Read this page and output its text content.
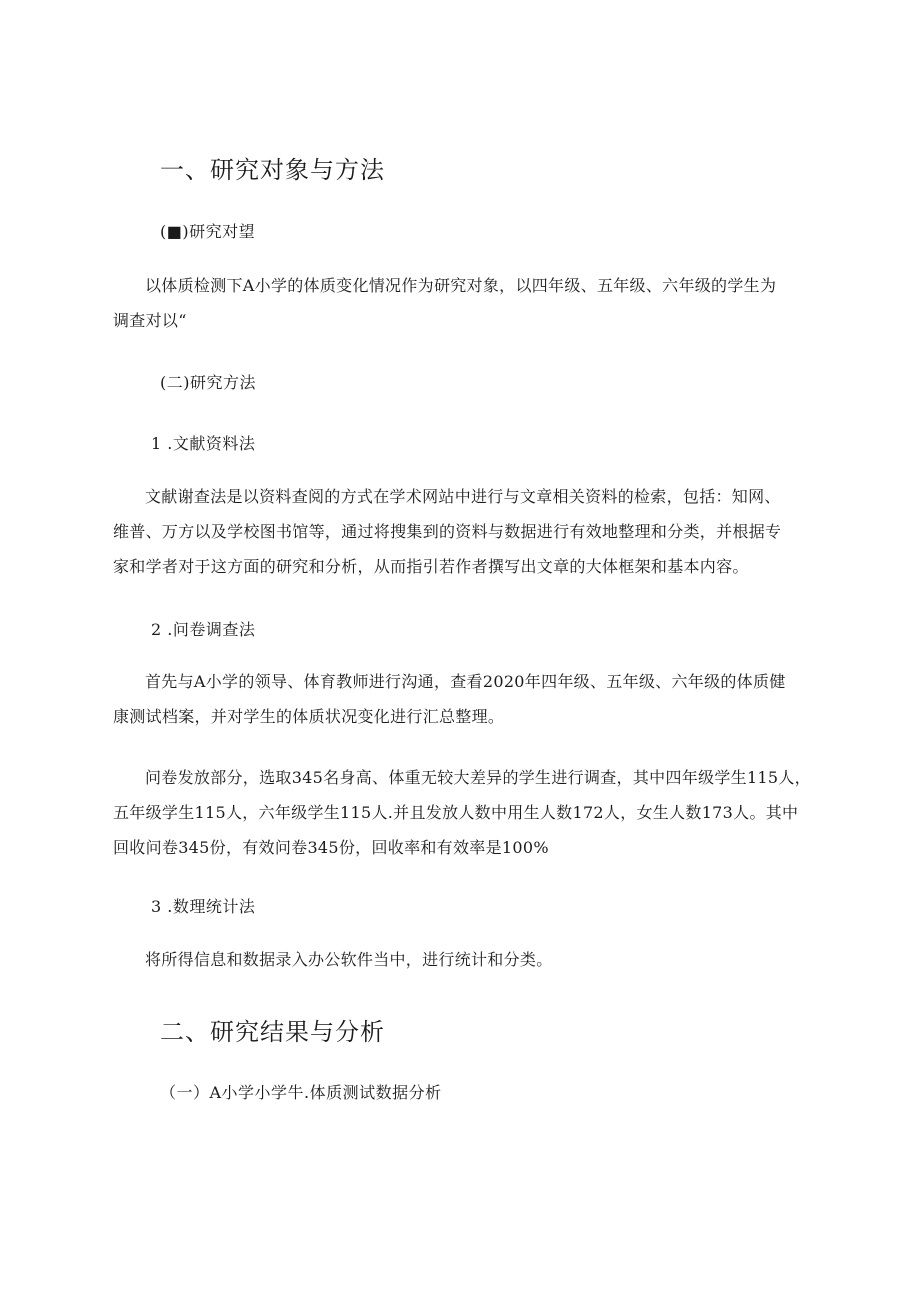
一、研究对象与方法
(■)研究对望
以体质检测下A小学的体质变化情况作为研究对象，以四年级、五年级、六年级的学生为
调查对以“
(二)研究方法
1 .文献资料法
文献谢查法是以资料查阅的方式在学术网站中进行与文章相关资料的检索，包括：知网、
维普、万方以及学校图书馆等，通过将搜集到的资料与数据进行有效地整理和分类，并根据专
家和学者对于这方面的研究和分析，从而指引若作者撰写出文章的大体框架和基本内容。
2 .问卷调查法
首先与A小学的领导、体育教师进行沟通，查看2020年四年级、五年级、六年级的体质健
康测试档案，并对学生的体质状况变化进行汇总整理。
问卷发放部分，选取345名身高、体重无较大差异的学生进行调查，其中四年级学生115人，
五年级学生115人，六年级学生115人.并且发放人数中用生人数172人，女生人数173人。其中
回收问卷345份，有效问卷345份，回收率和有效率是100%
3 .数理统计法
将所得信息和数据录入办公软件当中，进行统计和分类。
二、研究结果与分析
（一）A小学小学牛.体质测试数据分析
